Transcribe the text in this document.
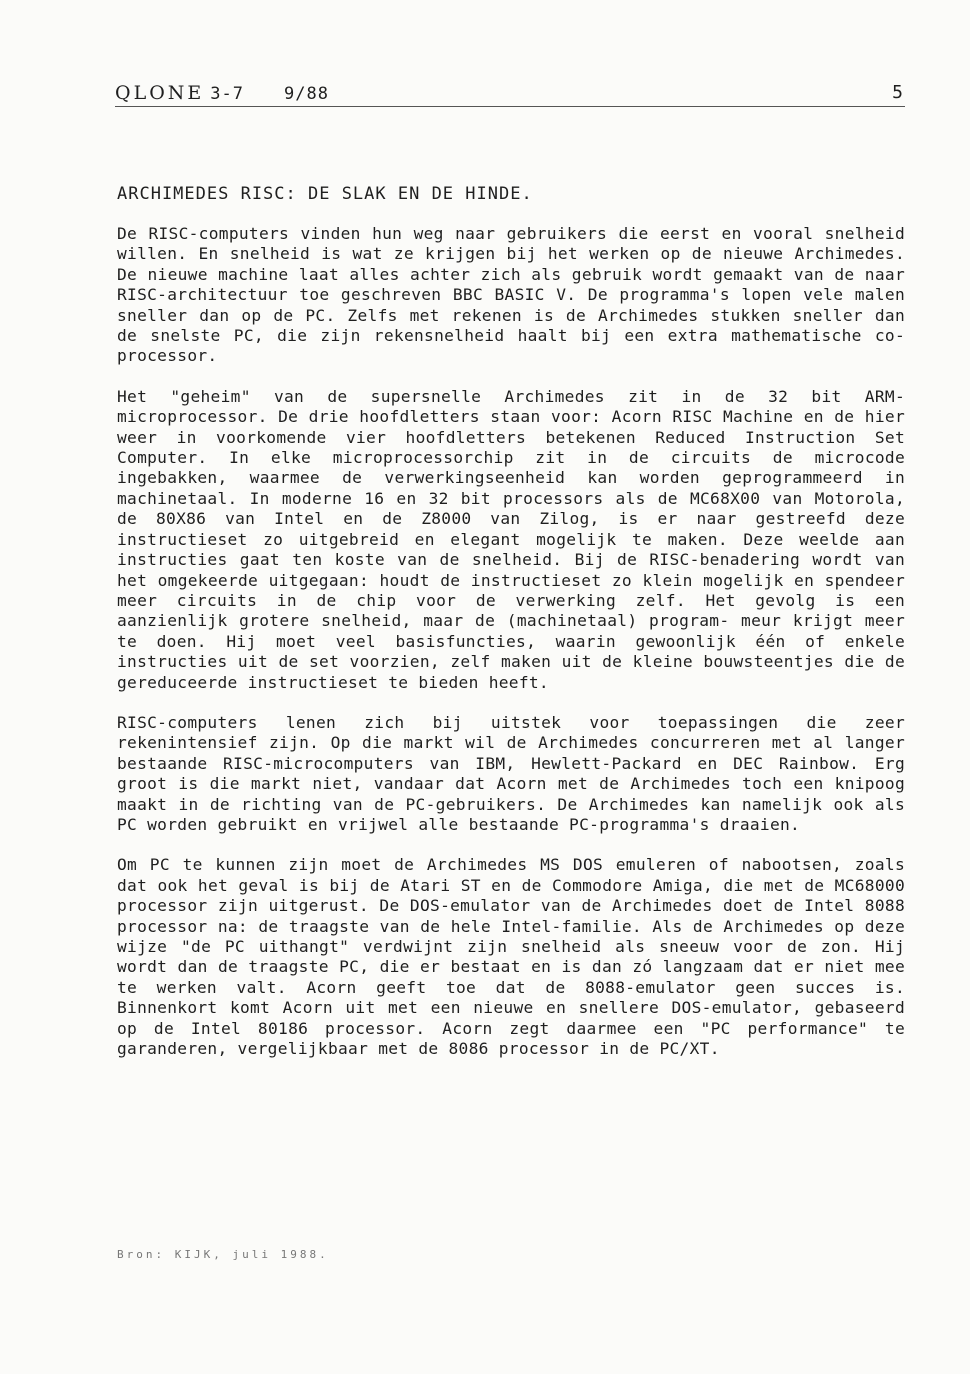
QLONE 3-7 9/88	5
ARCHIMEDES RISC: DE SLAK EN DE HINDE.

De RISC-computers vinden hun weg naar gebruikers die eerst en vooral snelheid willen. En snelheid is wat ze krijgen bij het werken op de nieuwe Archimedes. De nieuwe machine laat alles achter zich als gebruik wordt gemaakt van de naar RISC-architectuur toe geschreven BBC BASIC V. De programma's lopen vele malen sneller dan op de PC. Zelfs met rekenen is de Archimedes stukken sneller dan de snelste PC, die zijn rekensnelheid haalt bij een extra mathematische co-processor.

Het "geheim" van de supersnelle Archimedes zit in de 32 bit ARM-microprocessor. De drie hoofdletters staan voor: Acorn RISC Machine en de hier weer in voorkomende vier hoofdletters betekenen Reduced Instruction Set Computer. In elke microprocessorchip zit in de circuits de microcode ingebakken, waarmee de verwerkingseenheid kan worden geprogrammeerd in machinetaal. In moderne 16 en 32 bit processors als de MC68X00 van Motorola, de 80X86 van Intel en de Z8000 van Zilog, is er naar gestreefd deze instructieset zo uitgebreid en elegant mogelijk te maken. Deze weelde aan instructies gaat ten koste van de snelheid. Bij de RISC-benadering wordt van het omgekeerde uitgegaan: houdt de instructieset zo klein mogelijk en spendeer meer circuits in de chip voor de verwerking zelf. Het gevolg is een aanzienlijk grotere snelheid, maar de (machinetaal) program- meur krijgt meer te doen. Hij moet veel basisfuncties, waarin gewoonlijk één of enkele instructies uit de set voorzien, zelf maken uit de kleine bouwsteentjes die de gereduceerde instructieset te bieden heeft.

RISC-computers lenen zich bij uitstek voor toepassingen die zeer rekenintensief zijn. Op die markt wil de Archimedes concurreren met al langer bestaande RISC-microcomputers van IBM, Hewlett-Packard en DEC Rainbow. Erg groot is die markt niet, vandaar dat Acorn met de Archimedes toch een knipoog maakt in de richting van de PC-gebruikers. De Archimedes kan namelijk ook als PC worden gebruikt en vrijwel alle bestaande PC-programma's draaien.

Om PC te kunnen zijn moet de Archimedes MS DOS emuleren of nabootsen, zoals dat ook het geval is bij de Atari ST en de Commodore Amiga, die met de MC68000 processor zijn uitgerust. De DOS-emulator van de Archimedes doet de Intel 8088 processor na: de traagste van de hele Intel-familie. Als de Archimedes op deze wijze "de PC uithangt" verdwijnt zijn snelheid als sneeuw voor de zon. Hij wordt dan de traagste PC, die er bestaat en is dan zó langzaam dat er niet mee te werken valt. Acorn geeft toe dat de 8088-emulator geen succes is. Binnenkort komt Acorn uit met een nieuwe en snellere DOS-emulator, gebaseerd op de Intel 80186 processor. Acorn zegt daarmee een "PC performance" te garanderen, vergelijkbaar met de 8086 processor in de PC/XT.

Bron: KIJK, juli 1988.
